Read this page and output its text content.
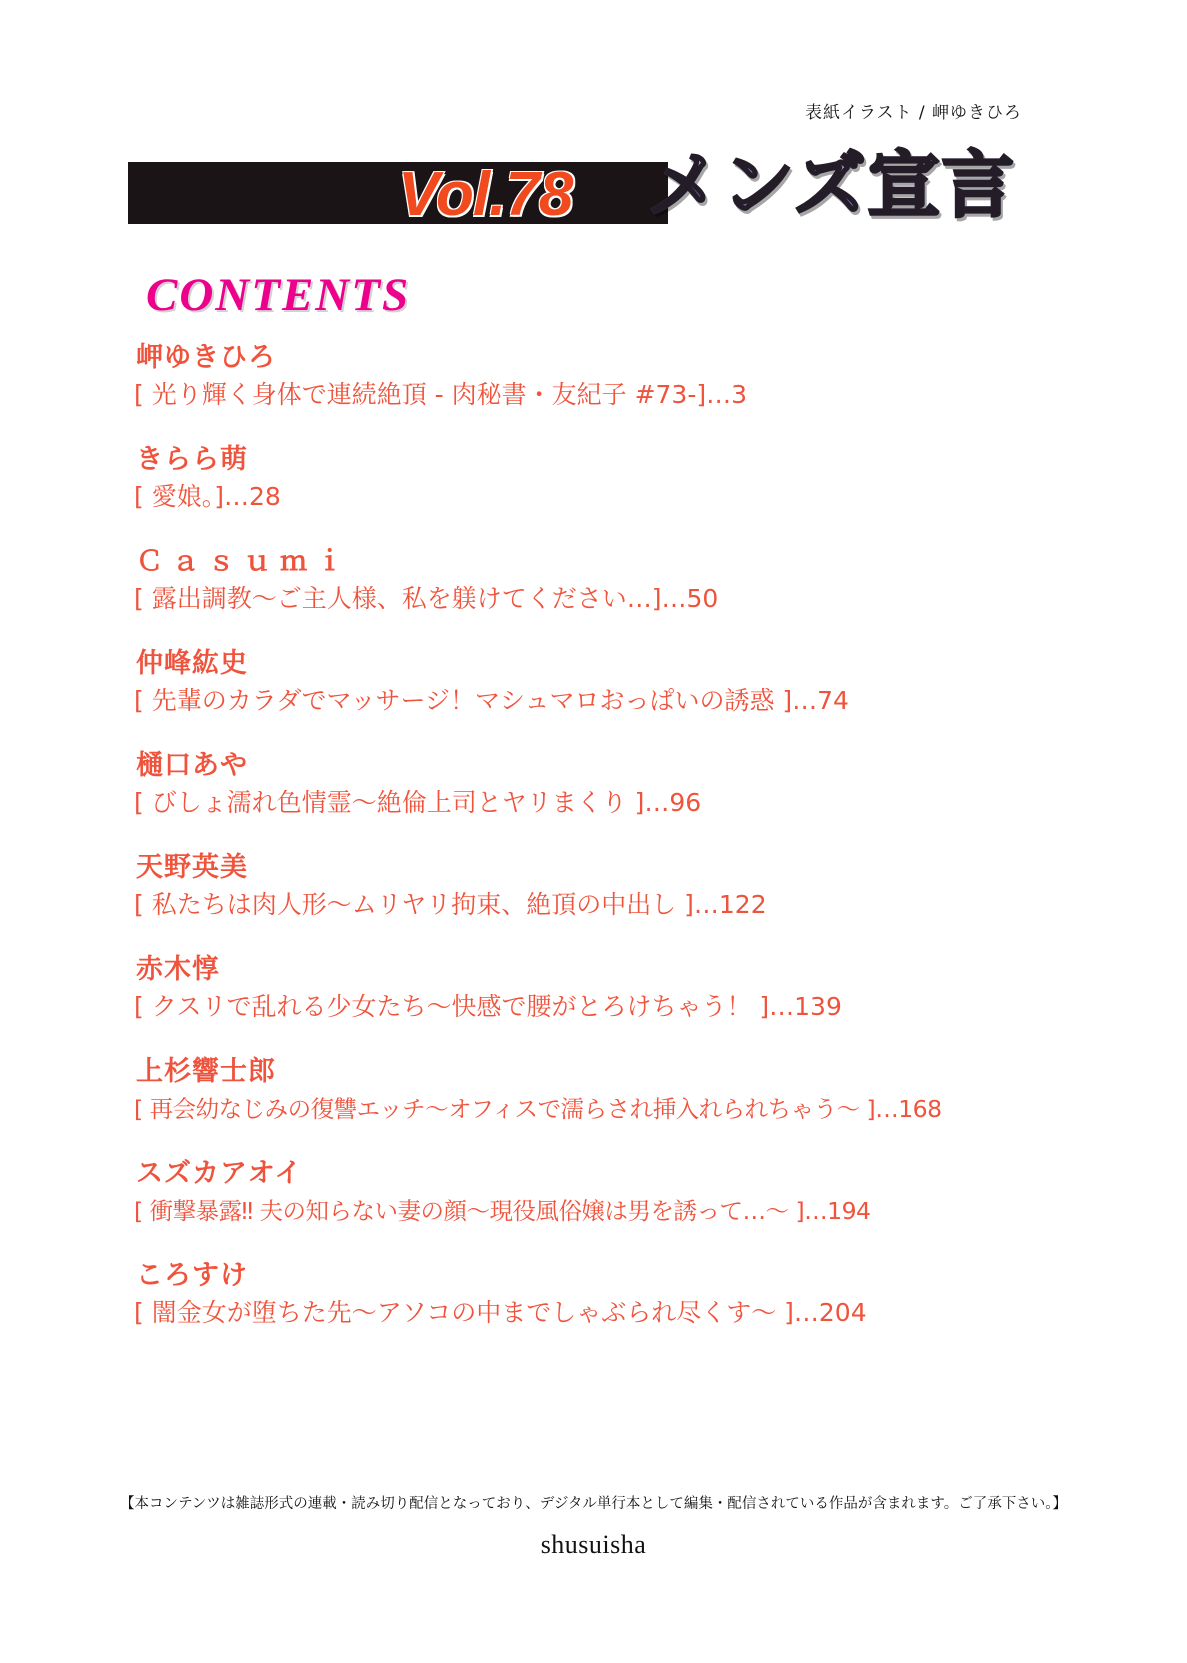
Vol.78 メンズ宣言
表紙イラスト / 岬ゆきひろ
CONTENTS
岬ゆきひろ
[ 光り輝く身体で連続絶頂 - 肉秘書・友紀子 #73-]…3
きらら萌
[ 愛娘。]…28
Ｃａｓｕｍｉ
[ 露出調教〜ご主人様、私を躾けてください…]…50
仲峰紘史
[ 先輩のカラダでマッサージ！マシュマロおっぱいの誘惑 ]…74
樋口あや
[ びしょ濡れ色情霊〜絶倫上司とヤリまくり ]…96
天野英美
[ 私たちは肉人形〜ムリヤリ拘束、絶頂の中出し ]…122
赤木惇
[ クスリで乱れる少女たち〜快感で腰がとろけちゃう！ ]…139
上杉響士郎
[ 再会幼なじみの復讐エッチ〜オフィスで濡らされ挿入れられちゃう〜 ]…168
スズカアオイ
[ 衝撃暴露‼ 夫の知らない妻の顔〜現役風俗嬢は男を誘って…〜 ]…194
ころすけ
[ 闇金女が堕ちた先〜アソコの中までしゃぶられ尽くす〜 ]…204
【本コンテンツは雑誌形式の連載・読み切り配信となっており、デジタル単行本として編集・配信されている作品が含まれます。ご了承下さい。】
shusuisha
